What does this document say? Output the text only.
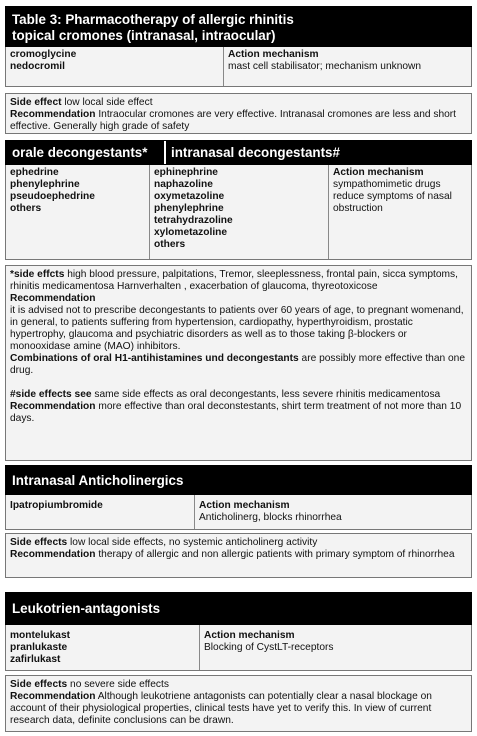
Table 3: Pharmacotherapy of allergic rhinitis
topical cromones (intranasal, intraocular)
cromoglycine
nedocromil
Action mechanism
mast cell stabilisator; mechanism unknown

Side effect low local side effect

Recommendation Intraocular cromones are very effective. Intranasal cromones are less and short effective. Generally high grade of safety

orale decongestants* intranasal decongestants#
ephedrine
phenylephrine
pseudoephedrine
others
ephinephrine
naphazoline
oxymetazoline
phenylephrine
tetrahydrazoline
xylometazoline
others
Action mechanism
sympathomimetic drugs reduce symptoms of nasal obstruction

*side effcts high blood pressure, palpitations, Tremor, sleeplessness, frontal pain, sicca symptoms, rhinitis medicamentosa Harnverhalten , exacerbation of glaucoma, thyreotoxicose

Recommendation

it is advised not to prescribe decongestants to patients over 60 years of age, to pregnant womenand, in general, to patients suffering from hypertension, cardiopathy, hyperthyroidism, prostatic hypertrophy, glaucoma and psychiatric disorders as well as to those taking β-blockers or monooxidase amine (MAO) inhibitors.

Combinations of oral H1-antihistamines und decongestants are possibly more effective than one drug.

#side effects see same side effects as oral decongestants, less severe rhinitis medicamentosa

Recommendation more effective than oral deconstestants, shirt term treatment of not more than 10 days.

Intranasal Anticholinergics
Ipatropiumbromide	Action mechanism
Anticholinerg, blocks rhinorrhea

Side effects low local side effects, no systemic anticholinerg activity

Recommendation therapy of allergic and non allergic patients with primary symptom of rhinorrhea

Leukotrien-antagonists
montelukast
pranlukaste
zafirlukast
Action mechanism
Blocking of CystLT-receptors

Side effects no severe side effects

Recommendation Although leukotriene antagonists can potentially clear a nasal blockage on account of their physiological properties, clinical tests have yet to verify this. In view of current research data, definite conclusions can be drawn.
